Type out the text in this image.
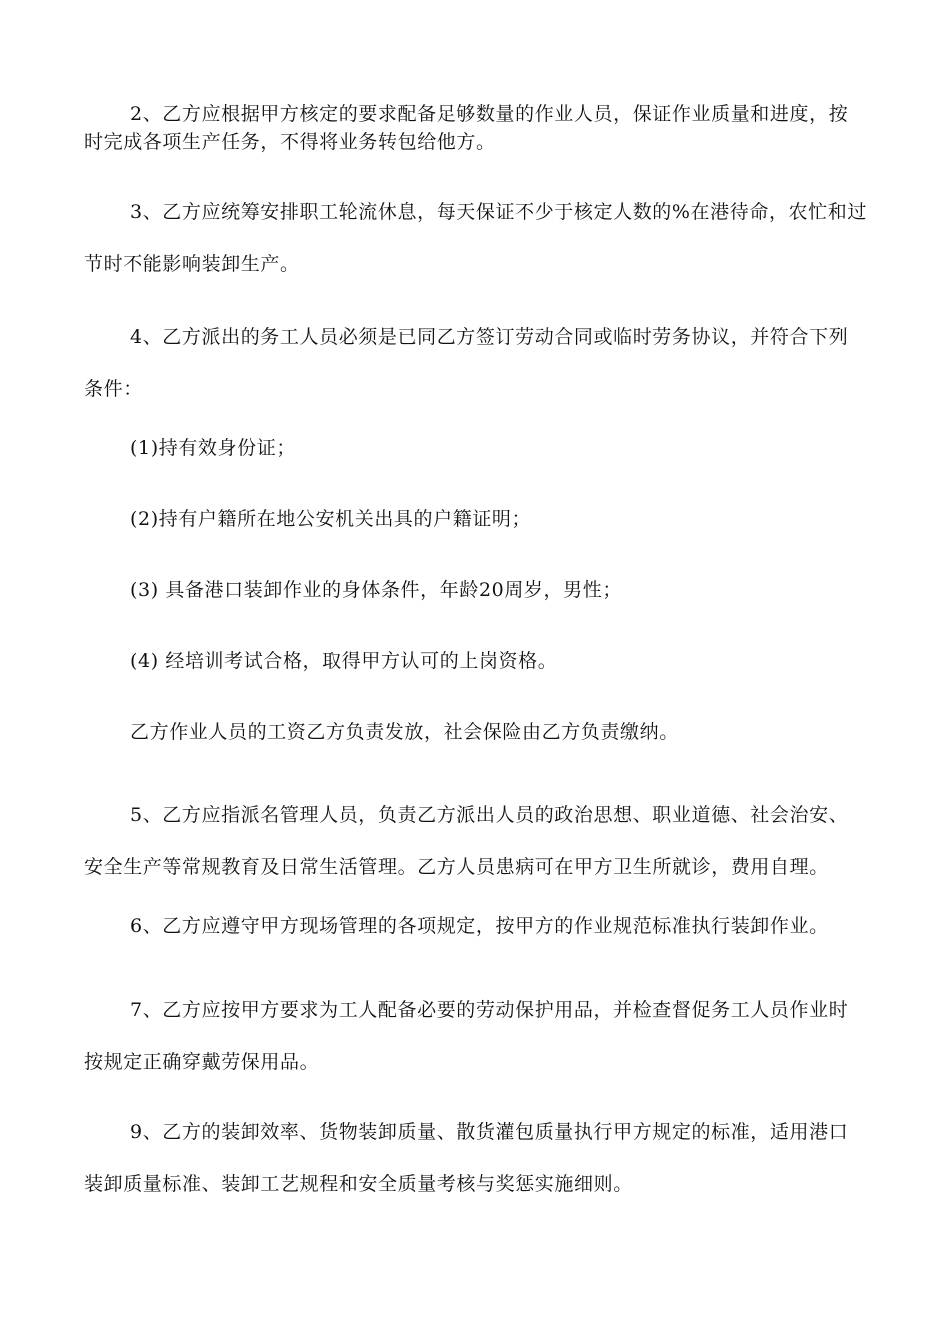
2、乙方应根据甲方核定的要求配备足够数量的作业人员，保证作业质量和进度，按
时完成各项生产任务，不得将业务转包给他方。
3、乙方应统筹安排职工轮流休息，每天保证不少于核定人数的%在港待命，农忙和过
节时不能影响装卸生产。
4、乙方派出的务工人员必须是已同乙方签订劳动合同或临时劳务协议，并符合下列
条件：
(1)持有效身份证；
(2)持有户籍所在地公安机关出具的户籍证明；
(3) 具备港口装卸作业的身体条件，年龄20周岁，男性；
(4) 经培训考试合格，取得甲方认可的上岗资格。
乙方作业人员的工资乙方负责发放，社会保险由乙方负责缴纳。
5、乙方应指派名管理人员，负责乙方派出人员的政治思想、职业道德、社会治安、
安全生产等常规教育及日常生活管理。乙方人员患病可在甲方卫生所就诊，费用自理。
6、乙方应遵守甲方现场管理的各项规定，按甲方的作业规范标准执行装卸作业。
7、乙方应按甲方要求为工人配备必要的劳动保护用品，并检查督促务工人员作业时
按规定正确穿戴劳保用品。
9、乙方的装卸效率、货物装卸质量、散货灌包质量执行甲方规定的标准，适用港口
装卸质量标准、装卸工艺规程和安全质量考核与奖惩实施细则。
